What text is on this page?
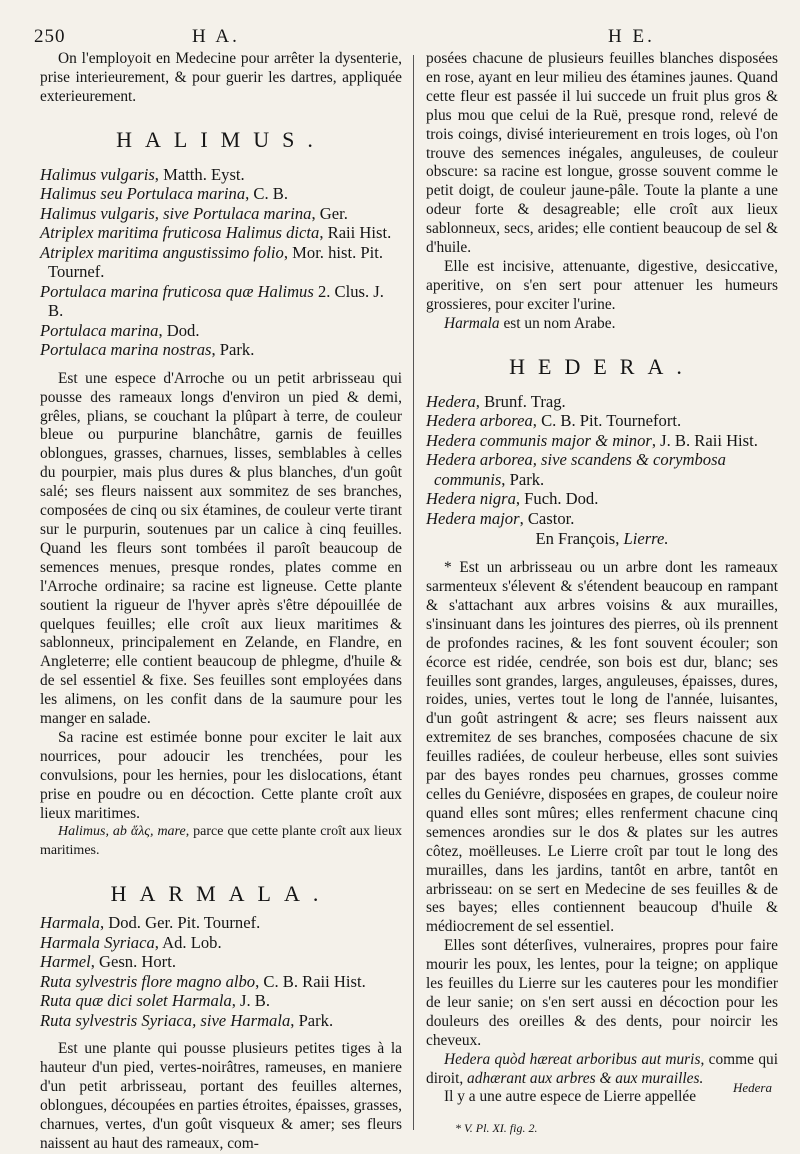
250	H A.	H E.

On l'employoit en Medecine pour arrêter la dysenterie, prise interieurement, & pour guerir les dartres, appliquée exterieurement.

HALIMUS.
Halimus vulgaris, Matth. Eyst.
Halimus seu Portulaca marina, C. B.
Halimus vulgaris, sive Portulaca marina, Ger.
Atriplex maritima fruticosa Halimus dicta, Raii Hist.
Atriplex maritima angustissimo folio, Mor. hist. Pit. Tournef.
Portulaca marina fruticosa quæ Halimus 2. Clus. J. B.
Portulaca marina, Dod.
Portulaca marina nostras, Park.

Est une espece d'Arroche ou un petit arbrisseau qui pousse des rameaux longs d'environ un pied & demi, grêles, plians, se couchant la plûpart à terre, de couleur bleue ou purpurine blanchâtre, garnis de feuilles oblongues, grasses, charnues, lisses, semblables à celles du pourpier, mais plus dures & plus blanches, d'un goût salé; ses fleurs naissent aux sommitez de ses branches, composées de cinq ou six étamines, de couleur verte tirant sur le purpurin, soutenues par un calice à cinq feuilles. Quand les fleurs sont tombées il paroît beaucoup de semences menues, presque rondes, plates comme en l'Arroche ordinaire; sa racine est ligneuse. Cette plante soutient la rigueur de l'hyver après s'être dépouillée de quelques feuilles; elle croît aux lieux maritimes & sablonneux, principalement en Zelande, en Flandre, en Angleterre; elle contient beaucoup de phlegme, d'huile & de sel essentiel & fixe. Ses feuilles sont employées dans les alimens, on les confit dans de la saumure pour les manger en salade.

Sa racine est estimée bonne pour exciter le lait aux nourrices, pour adoucir les trenchées, pour les convulsions, pour les hernies, pour les dislocations, étant prise en poudre ou en décoction. Cette plante croît aux lieux maritimes.

Halimus, ab ἅλς, mare, parce que cette plante croît aux lieux maritimes.

HARMALA.
Harmala, Dod. Ger. Pit. Tournef.
Harmala Syriaca, Ad. Lob.
Harmel, Gesn. Hort.
Ruta sylvestris flore magno albo, C. B. Raii Hist.
Ruta quæ dici solet Harmala, J. B.
Ruta sylvestris Syriaca, sive Harmala, Park.

Est une plante qui pousse plusieurs petites tiges à la hauteur d'un pied, vertes-noirâtres, rameuses, en maniere d'un petit arbrisseau, portant des feuilles alternes, oblongues, découpées en parties étroites, épaisses, grasses, charnues, vertes, d'un goût visqueux & amer; ses fleurs naissent au haut des rameaux, com-

posées chacune de plusieurs feuilles blanches disposées en rose, ayant en leur milieu des étamines jaunes. Quand cette fleur est passée il lui succede un fruit plus gros & plus mou que celui de la Ruë, presque rond, relevé de trois coings, divisé interieurement en trois loges, où l'on trouve des semences inégales, anguleuses, de couleur obscure: sa racine est longue, grosse souvent comme le petit doigt, de couleur jaune-pâle. Toute la plante a une odeur forte & desagreable; elle croît aux lieux sablonneux, secs, arides; elle contient beaucoup de sel & d'huile.

Elle est incisive, attenuante, digestive, desiccative, aperitive, on s'en sert pour attenuer les humeurs grossieres, pour exciter l'urine.

Harmala est un nom Arabe.

HEDERA.
Hedera, Brunf. Trag.
Hedera arborea, C. B. Pit. Tournefort.
Hedera communis major & minor, J. B. Raii Hist.
Hedera arborea, sive scandens & corymbosa communis, Park.
Hedera nigra, Fuch. Dod.
Hedera major, Castor.
En François, Lierre.

* Est un arbrisseau ou un arbre dont les rameaux sarmenteux s'élevent & s'étendent beaucoup en rampant & s'attachant aux arbres voisins & aux murailles, s'insinuant dans les jointures des pierres, où ils prennent de profondes racines, & les font souvent écouler; son écorce est ridée, cendrée, son bois est dur, blanc; ses feuilles sont grandes, larges, anguleuses, épaisses, dures, roides, unies, vertes tout le long de l'année, luisantes, d'un goût astringent & acre; ses fleurs naissent aux extremitez de ses branches, composées chacune de six feuilles radiées, de couleur herbeuse, elles sont suivies par des bayes rondes peu charnues, grosses comme celles du Geniévre, disposées en grapes, de couleur noire quand elles sont mûres; elles renferment chacune cinq semences arondies sur le dos & plates sur les autres côtez, moëlleuses. Le Lierre croît par tout le long des murailles, dans les jardins, tantôt en arbre, tantôt en arbrisseau: on se sert en Medecine de ses feuilles & de ses bayes; elles contiennent beaucoup d'huile & médiocrement de sel essentiel.

Elles sont déterſives, vulneraires, propres pour faire mourir les poux, les lentes, pour la teigne; on applique les feuilles du Lierre sur les cauteres pour les mondifier de leur sanie; on s'en sert aussi en décoction pour les douleurs des oreilles & des dents, pour noircir les cheveux.

Hedera quòd hæreat arboribus aut muris, comme qui diroit, adhærant aux arbres & aux murailles.

Il y a une autre espece de Lierre appellée

Hedera
* V. Pl. XI. fig. 2.
